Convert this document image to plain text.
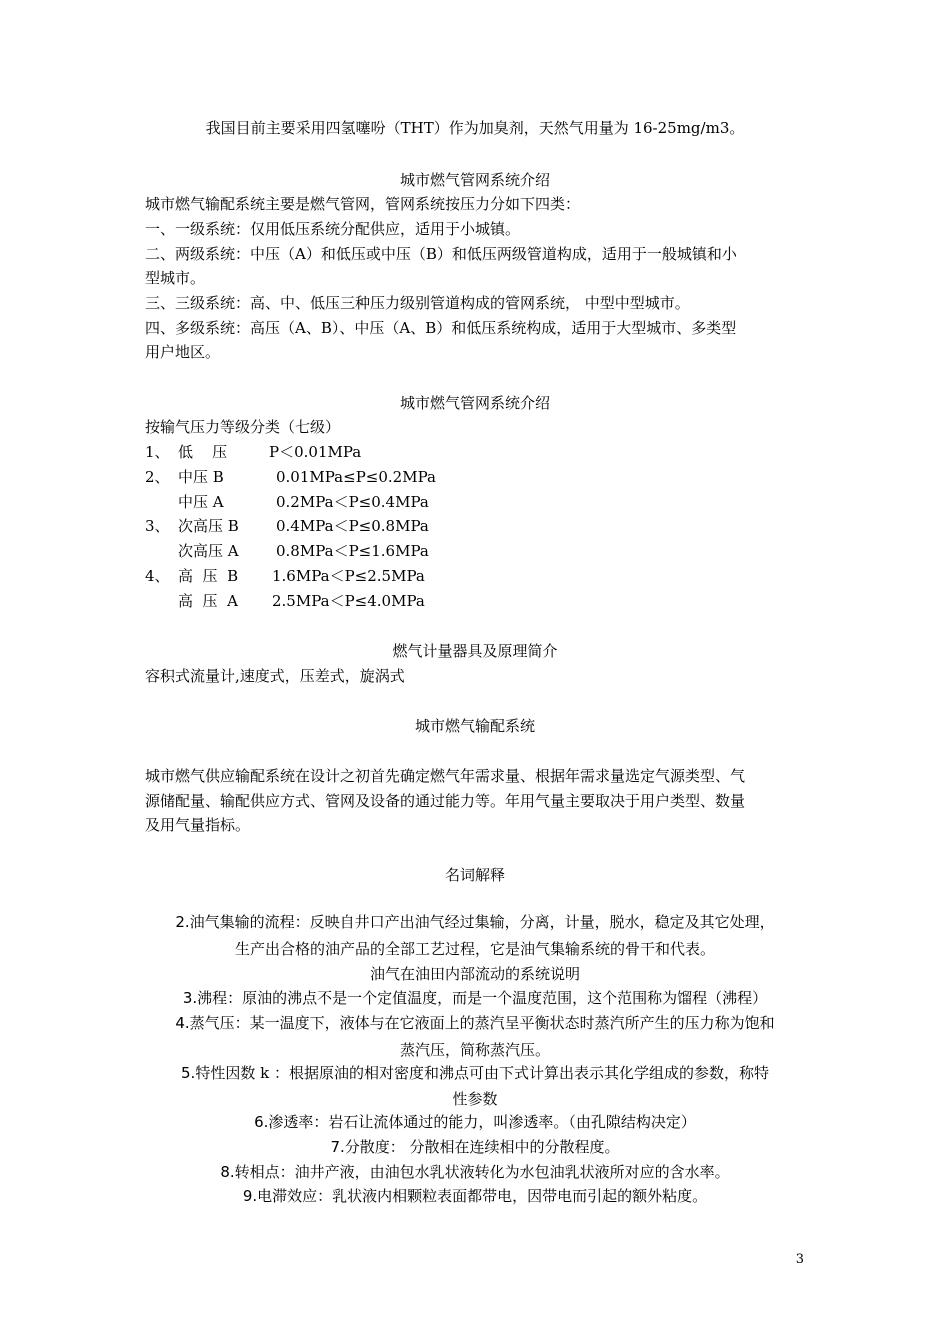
我国目前主要采用四氢噻吩（THT）作为加臭剂，天然气用量为 16-25mg/m3。
城市燃气管网系统介绍
城市燃气输配系统主要是燃气管网，管网系统按压力分如下四类：
一、一级系统：仅用低压系统分配供应，适用于小城镇。
二、两级系统：中压（A）和低压或中压（B）和低压两级管道构成，适用于一般城镇和小
型城市。
三、三级系统：高、中、低压三种压力级别管道构成的管网系统， 中型中型城市。
四、多级系统：高压（A、B）、中压（A、B）和低压系统构成，适用于大型城市、多类型
用户地区。
城市燃气管网系统介绍
按输气压力等级分类（七级）
1、 低    压	P＜0.01MPa
2、 中压 B	0.01MPa≤P≤0.2MPa
中压 A	0.2MPa＜P≤0.4MPa
3、 次高压 B 0.4MPa＜P≤0.8MPa
次高压 A 0.8MPa＜P≤1.6MPa
4、 高  压  B 1.6MPa＜P≤2.5MPa
高  压  A 2.5MPa＜P≤4.0MPa
燃气计量器具及原理简介
容积式流量计,速度式，压差式，旋涡式
城市燃气输配系统
城市燃气供应输配系统在设计之初首先确定燃气年需求量、根据年需求量选定气源类型、气
源储配量、输配供应方式、管网及设备的通过能力等。年用气量主要取决于用户类型、数量
及用气量指标。
名词解释
2.油气集输的流程：反映自井口产出油气经过集输，分离，计量，脱水，稳定及其它处理，
生产出合格的油产品的全部工艺过程，它是油气集输系统的骨干和代表。
油气在油田内部流动的系统说明
3.沸程：原油的沸点不是一个定值温度，而是一个温度范围，这个范围称为馏程（沸程）
4.蒸气压：某一温度下，液体与在它液面上的蒸汽呈平衡状态时蒸汽所产生的压力称为饱和
蒸汽压，简称蒸汽压。
5.特性因数 k ：根据原油的相对密度和沸点可由下式计算出表示其化学组成的参数，称特
性参数
6.渗透率：岩石让流体通过的能力，叫渗透率。（由孔隙结构决定）
7.分散度： 分散相在连续相中的分散程度。
8.转相点：油井产液，由油包水乳状液转化为水包油乳状液所对应的含水率。
9.电滞效应：乳状液内相颗粒表面都带电，因带电而引起的额外粘度。
3
